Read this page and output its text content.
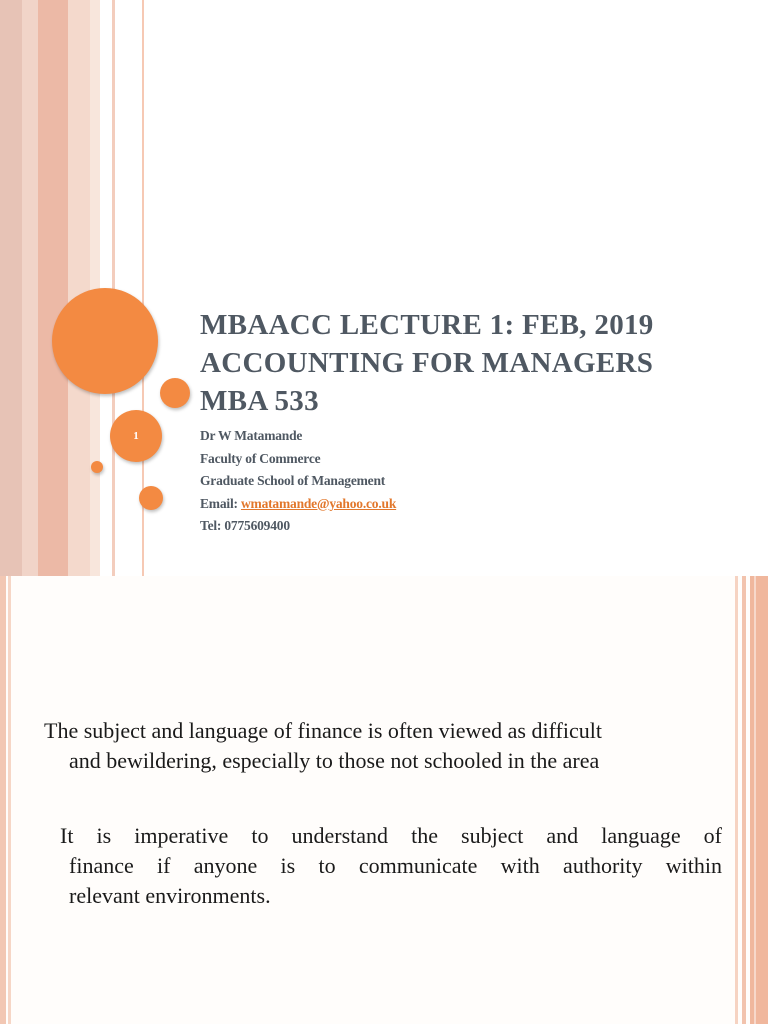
1
MBAACC LECTURE 1: FEB, 2019
ACCOUNTING FOR MANAGERS
MBA 533
Dr W Matamande
Faculty of Commerce
Graduate School of Management
Email: wmatamande@yahoo.co.uk
Tel: 0775609400

The subject and language of finance is often viewed as difficult
and bewildering, especially to those not schooled in the area

It is imperative to understand the subject and language of
finance if anyone is to communicate with authority within
relevant environments.
